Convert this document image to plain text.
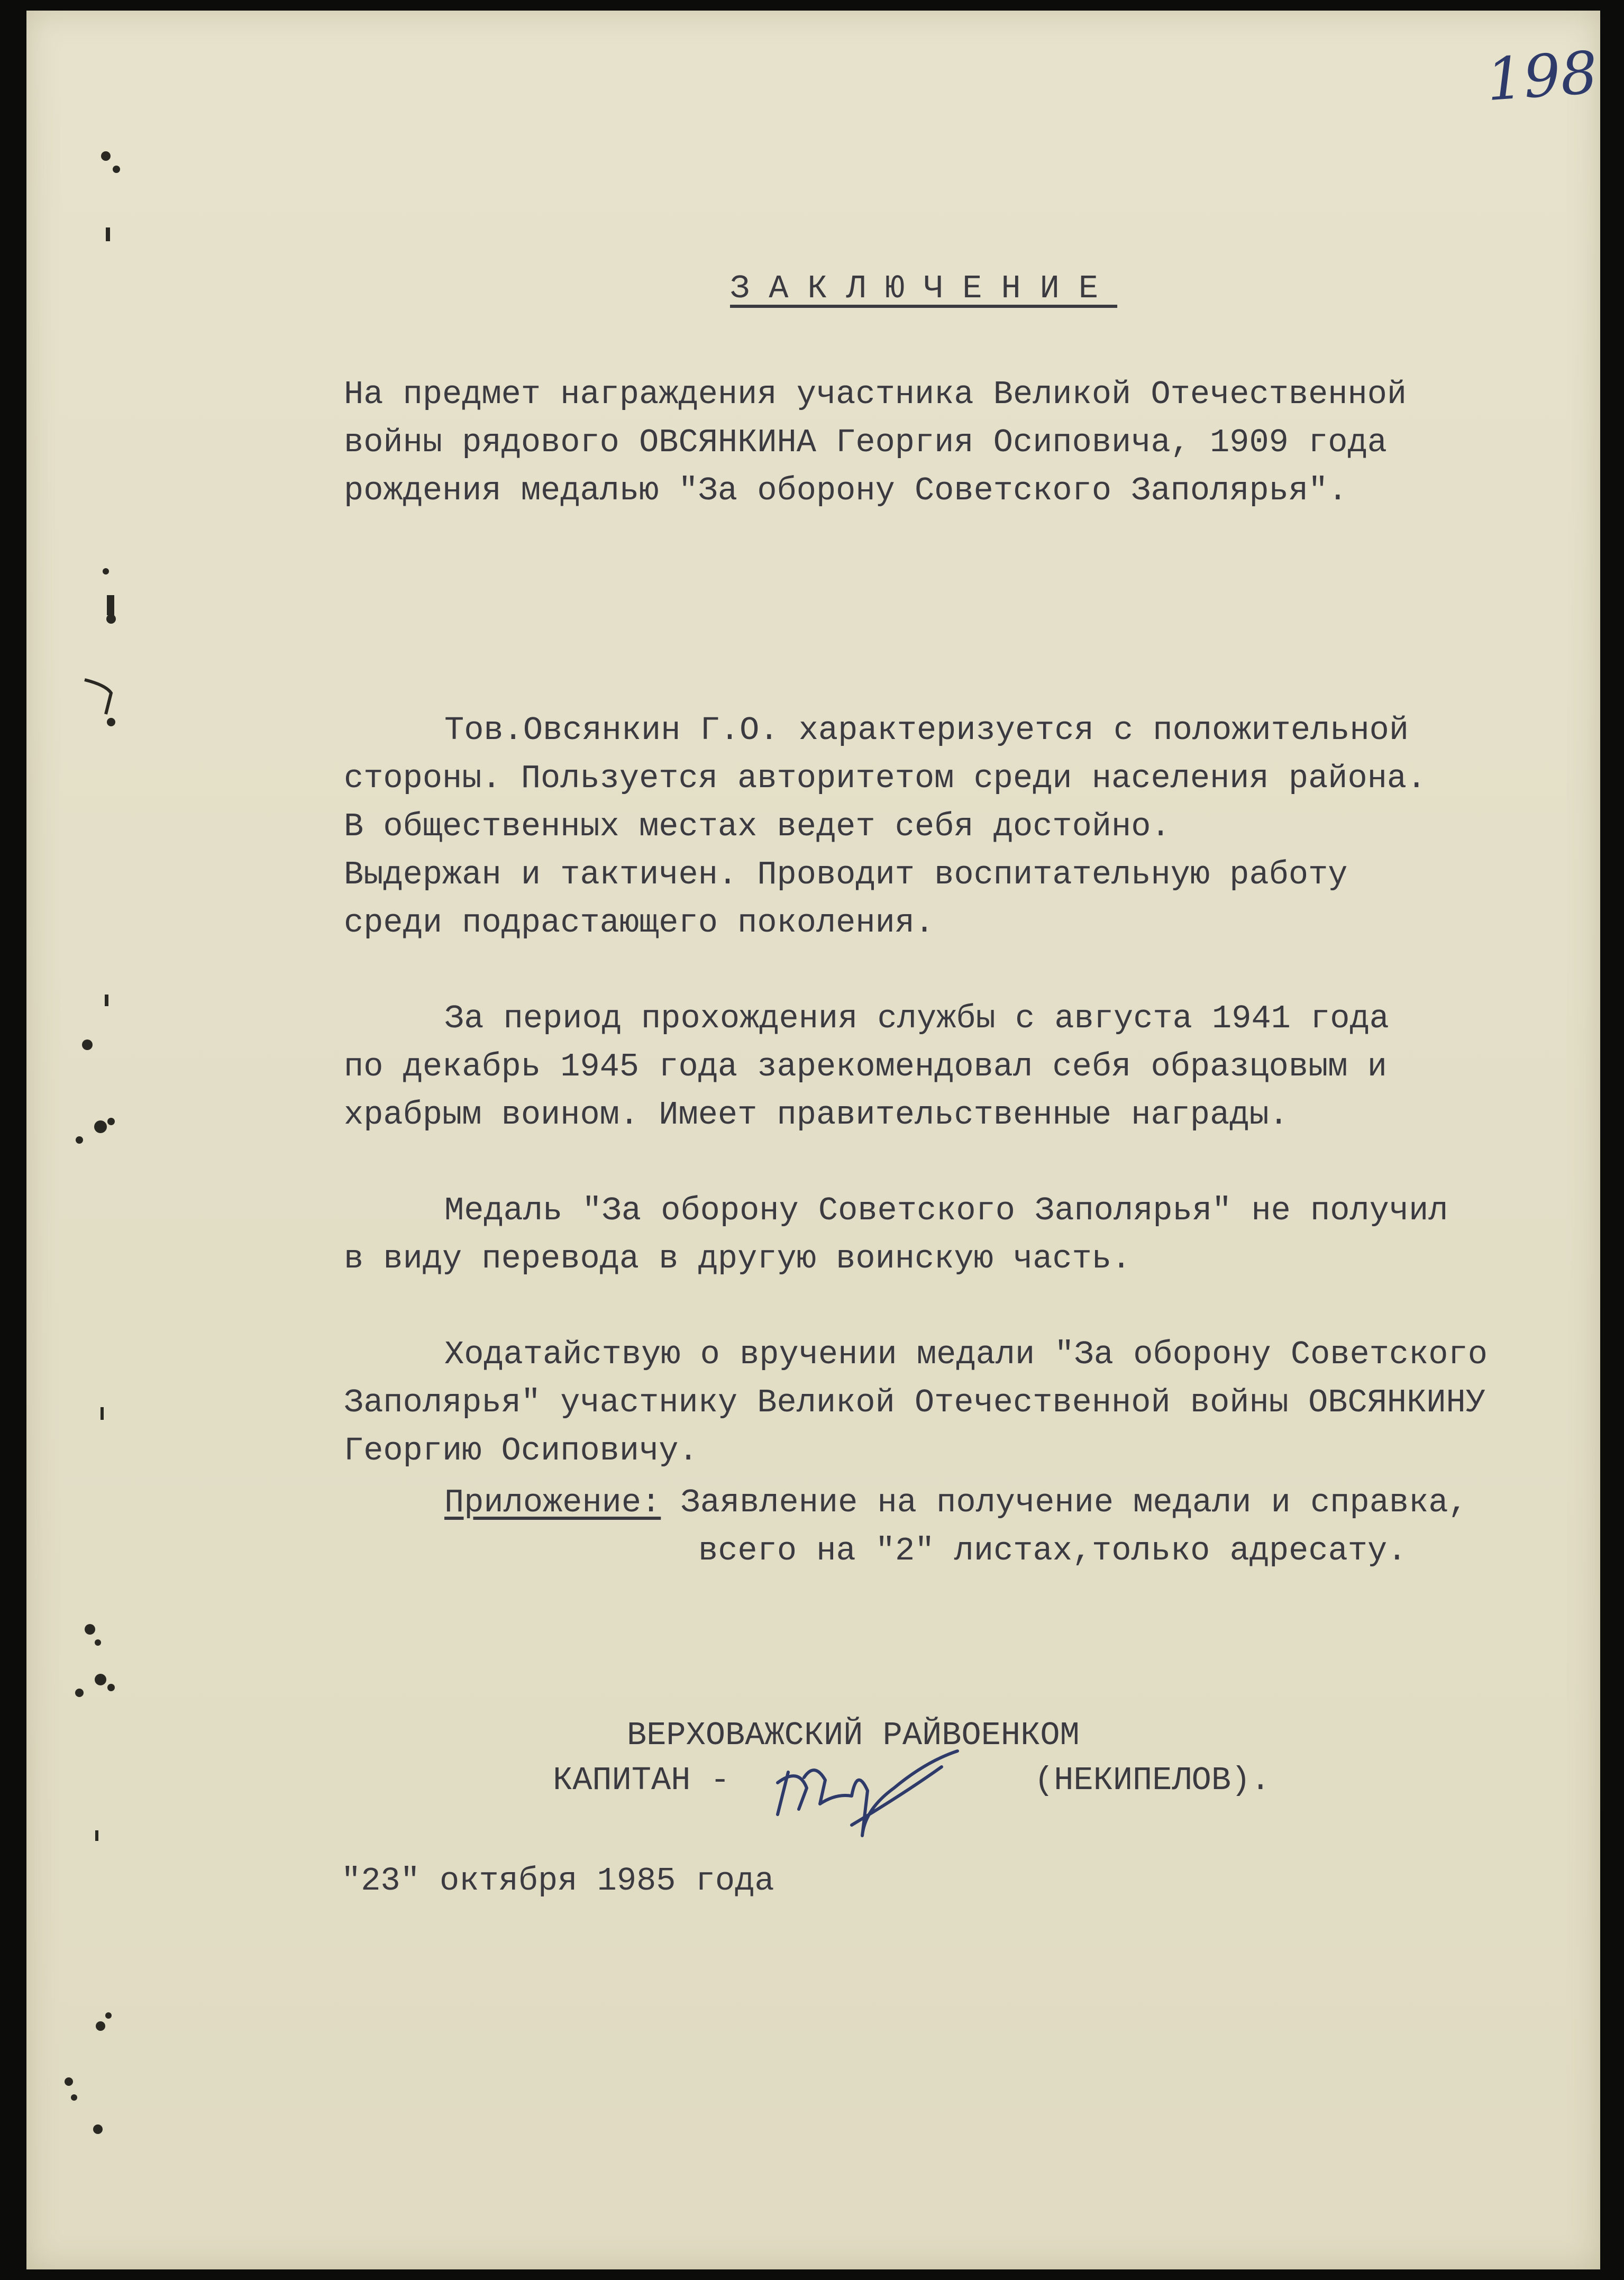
198
ЗАКЛЮЧЕНИЕ
На предмет награждения участника Великой Отечественной
войны рядового ОВСЯНКИНА Георгия Осиповича, 1909 года
рождения медалью "За оборону Советского Заполярья".
Тов.Овсянкин Г.О. характеризуется с положительной
стороны. Пользуется авторитетом среди населения района.
В общественных местах ведет себя достойно.
Выдержан и тактичен. Проводит воспитательную работу
среди подрастающего поколения.
За период прохождения службы с августа 1941 года
по декабрь 1945 года зарекомендовал себя образцовым и
храбрым воином. Имеет правительственные награды.
Медаль "За оборону Советского Заполярья" не получил
в виду перевода в другую воинскую часть.
Ходатайствую о вручении медали "За оборону Советского
Заполярья" участнику Великой Отечественной войны ОВСЯНКИНУ
Георгию Осиповичу.
Приложение: Заявление на получение медали и справка,
всего на "2" листах,только адресату.
ВЕРХОВАЖСКИЙ РАЙВОЕНКОМ
КАПИТАН -	(НЕКИПЕЛОВ).
"23" октября 1985 года
